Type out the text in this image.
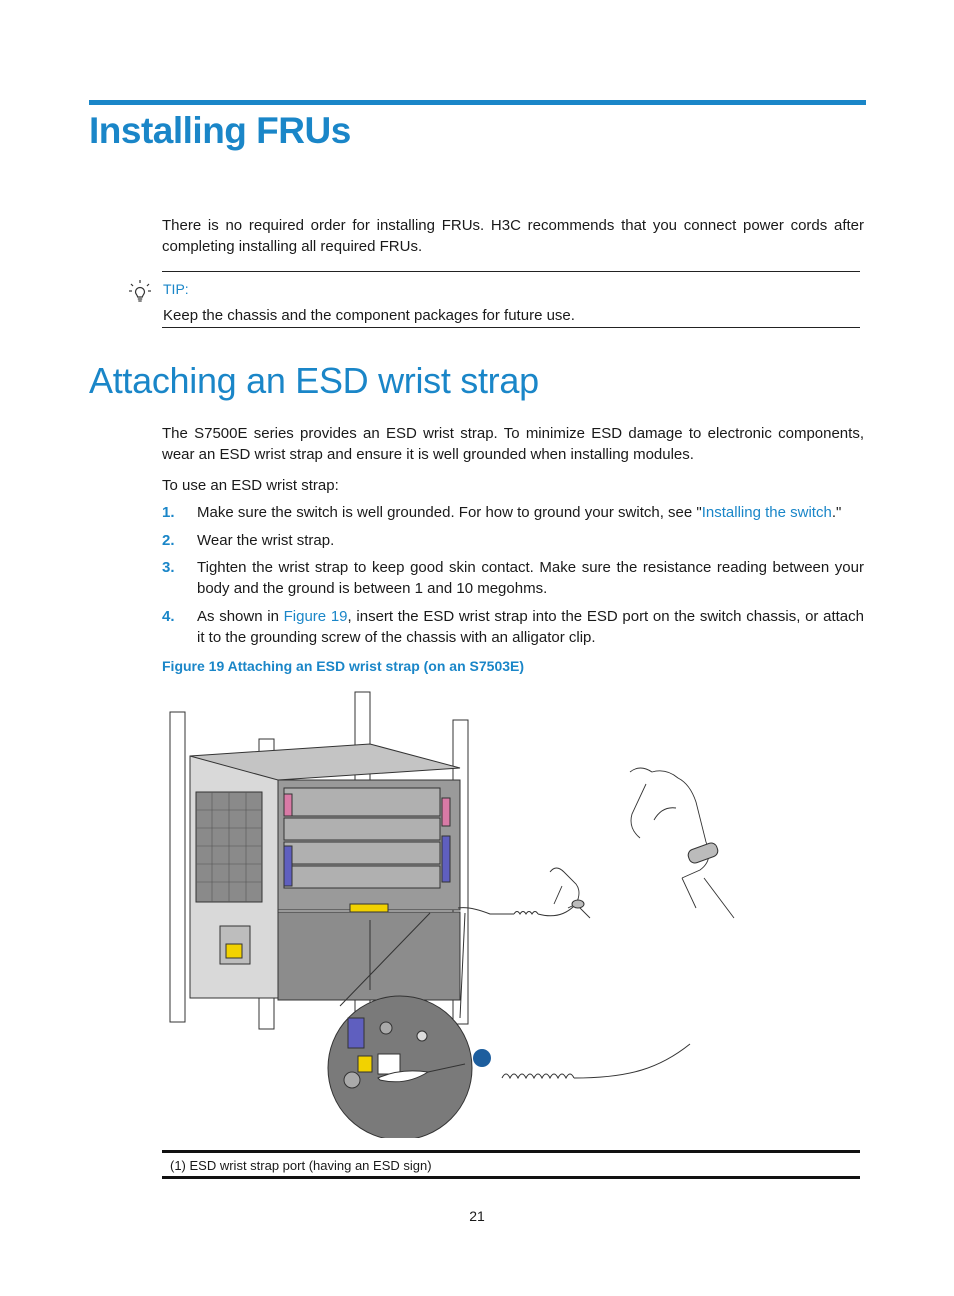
Installing FRUs

There is no required order for installing FRUs. H3C recommends that you connect power cords after completing installing all required FRUs.

TIP:
Keep the chassis and the component packages for future use.
Attaching an ESD wrist strap

The S7500E series provides an ESD wrist strap. To minimize ESD damage to electronic components, wear an ESD wrist strap and ensure it is well grounded when installing modules.

To use an ESD wrist strap:

1. Make sure the switch is well grounded. For how to ground your switch, see "Installing the switch."
2. Wear the wrist strap.
3. Tighten the wrist strap to keep good skin contact. Make sure the resistance reading between your body and the ground is between 1 and 10 megohms.
4. As shown in Figure 19, insert the ESD wrist strap into the ESD port on the switch chassis, or attach it to the grounding screw of the chassis with an alligator clip.
Figure 19 Attaching an ESD wrist strap (on an S7503E)
(1) ESD wrist strap port (having an ESD sign)
21
